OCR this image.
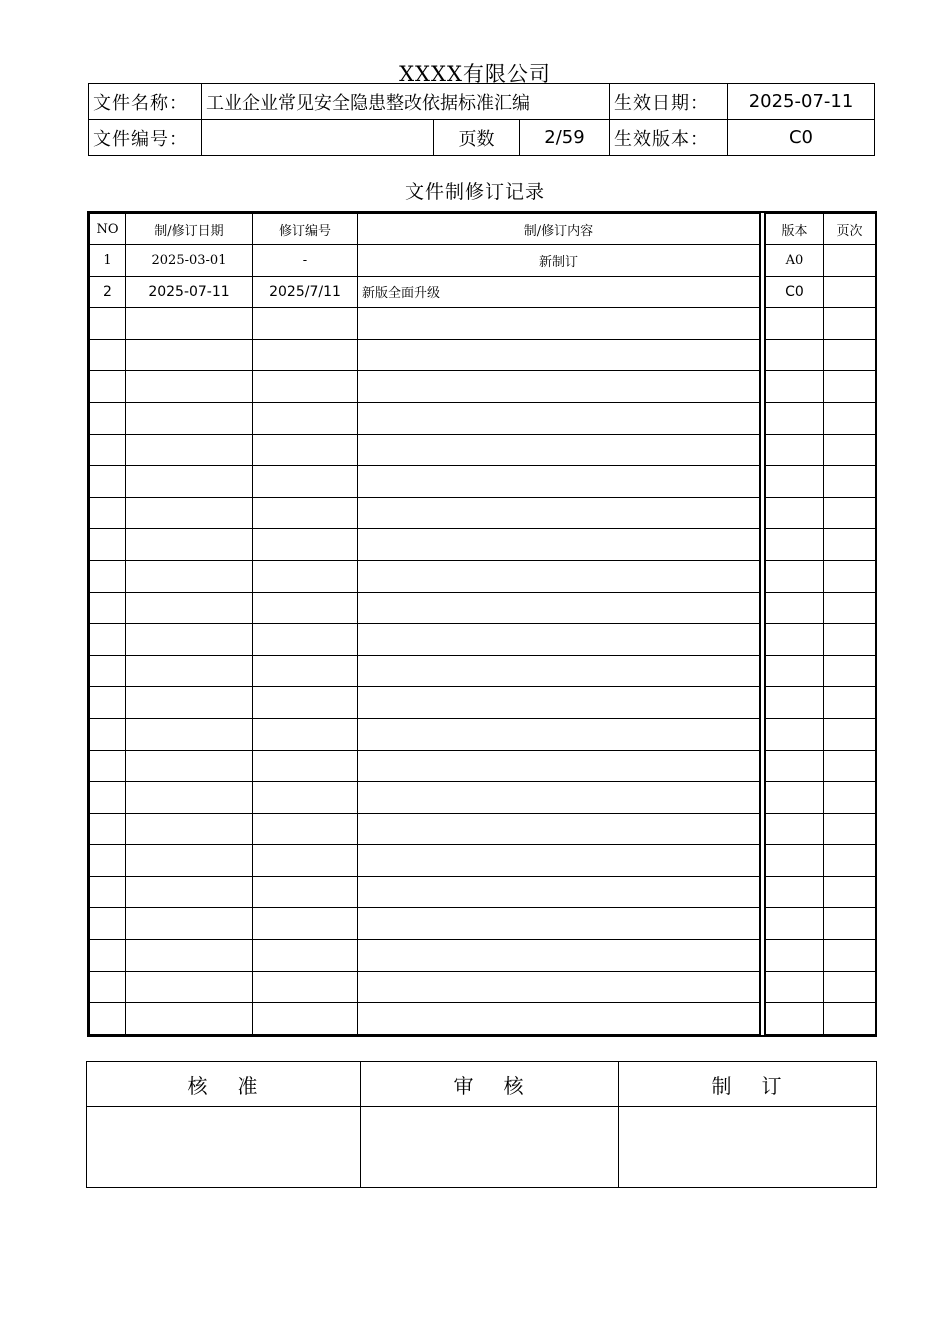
XXXX有限公司
文件名称：	工业企业常见安全隐患整改依据标准汇编			生效日期：	2025-07-11
文件编号：		页数	2/59	生效版本：	C0
文件制修订记录
NO	制/修订日期	修订编号	制/修订内容	版本	页次
1	2025-03-01	-	新制订	A0	
2	2025-07-11	2025/7/11	新版全面升级	C0	

核 准	审 核	制 订
